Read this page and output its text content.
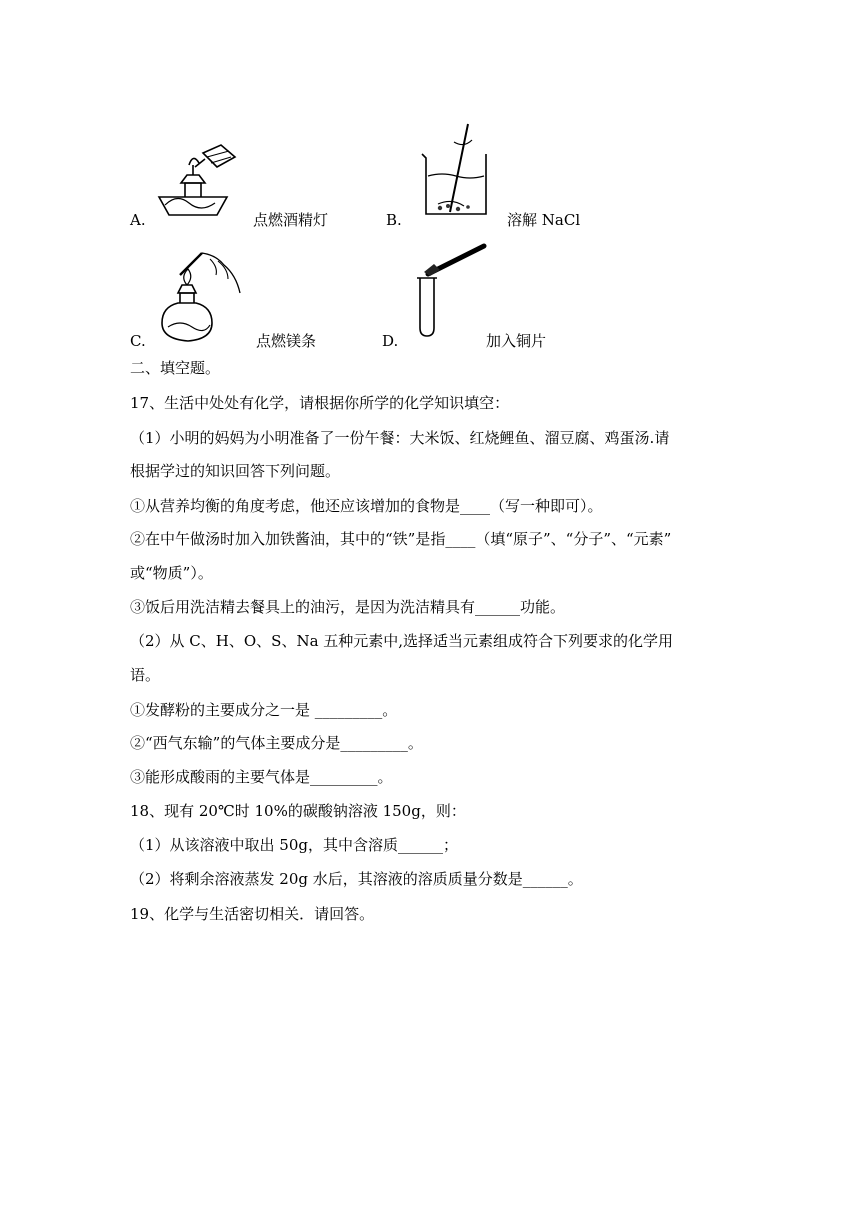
A.	点燃酒精灯	B.	溶解 NaCl
C.	点燃镁条	D.	加入铜片
二、填空题。
17、生活中处处有化学，请根据你所学的化学知识填空：
（1）小明的妈妈为小明准备了一份午餐：大米饭、红烧鲤鱼、溜豆腐、鸡蛋汤.请
根据学过的知识回答下列问题。
①从营养均衡的角度考虑，他还应该增加的食物是____（写一种即可）。
②在中午做汤时加入加铁酱油，其中的“铁”是指____（填“原子”、“分子”、“元素”
或“物质”）。
③饭后用洗洁精去餐具上的油污，是因为洗洁精具有______功能。
（2）从 C、H、O、S、Na 五种元素中,选择适当元素组成符合下列要求的化学用
语。
①发酵粉的主要成分之一是 _________。
②“西气东输”的气体主要成分是_________。
③能形成酸雨的主要气体是_________。
18、现有 20℃时 10%的碳酸钠溶液 150g，则：
（1）从该溶液中取出 50g，其中含溶质______；
（2）将剩余溶液蒸发 20g 水后，其溶液的溶质质量分数是______。
19、化学与生活密切相关．请回答。
